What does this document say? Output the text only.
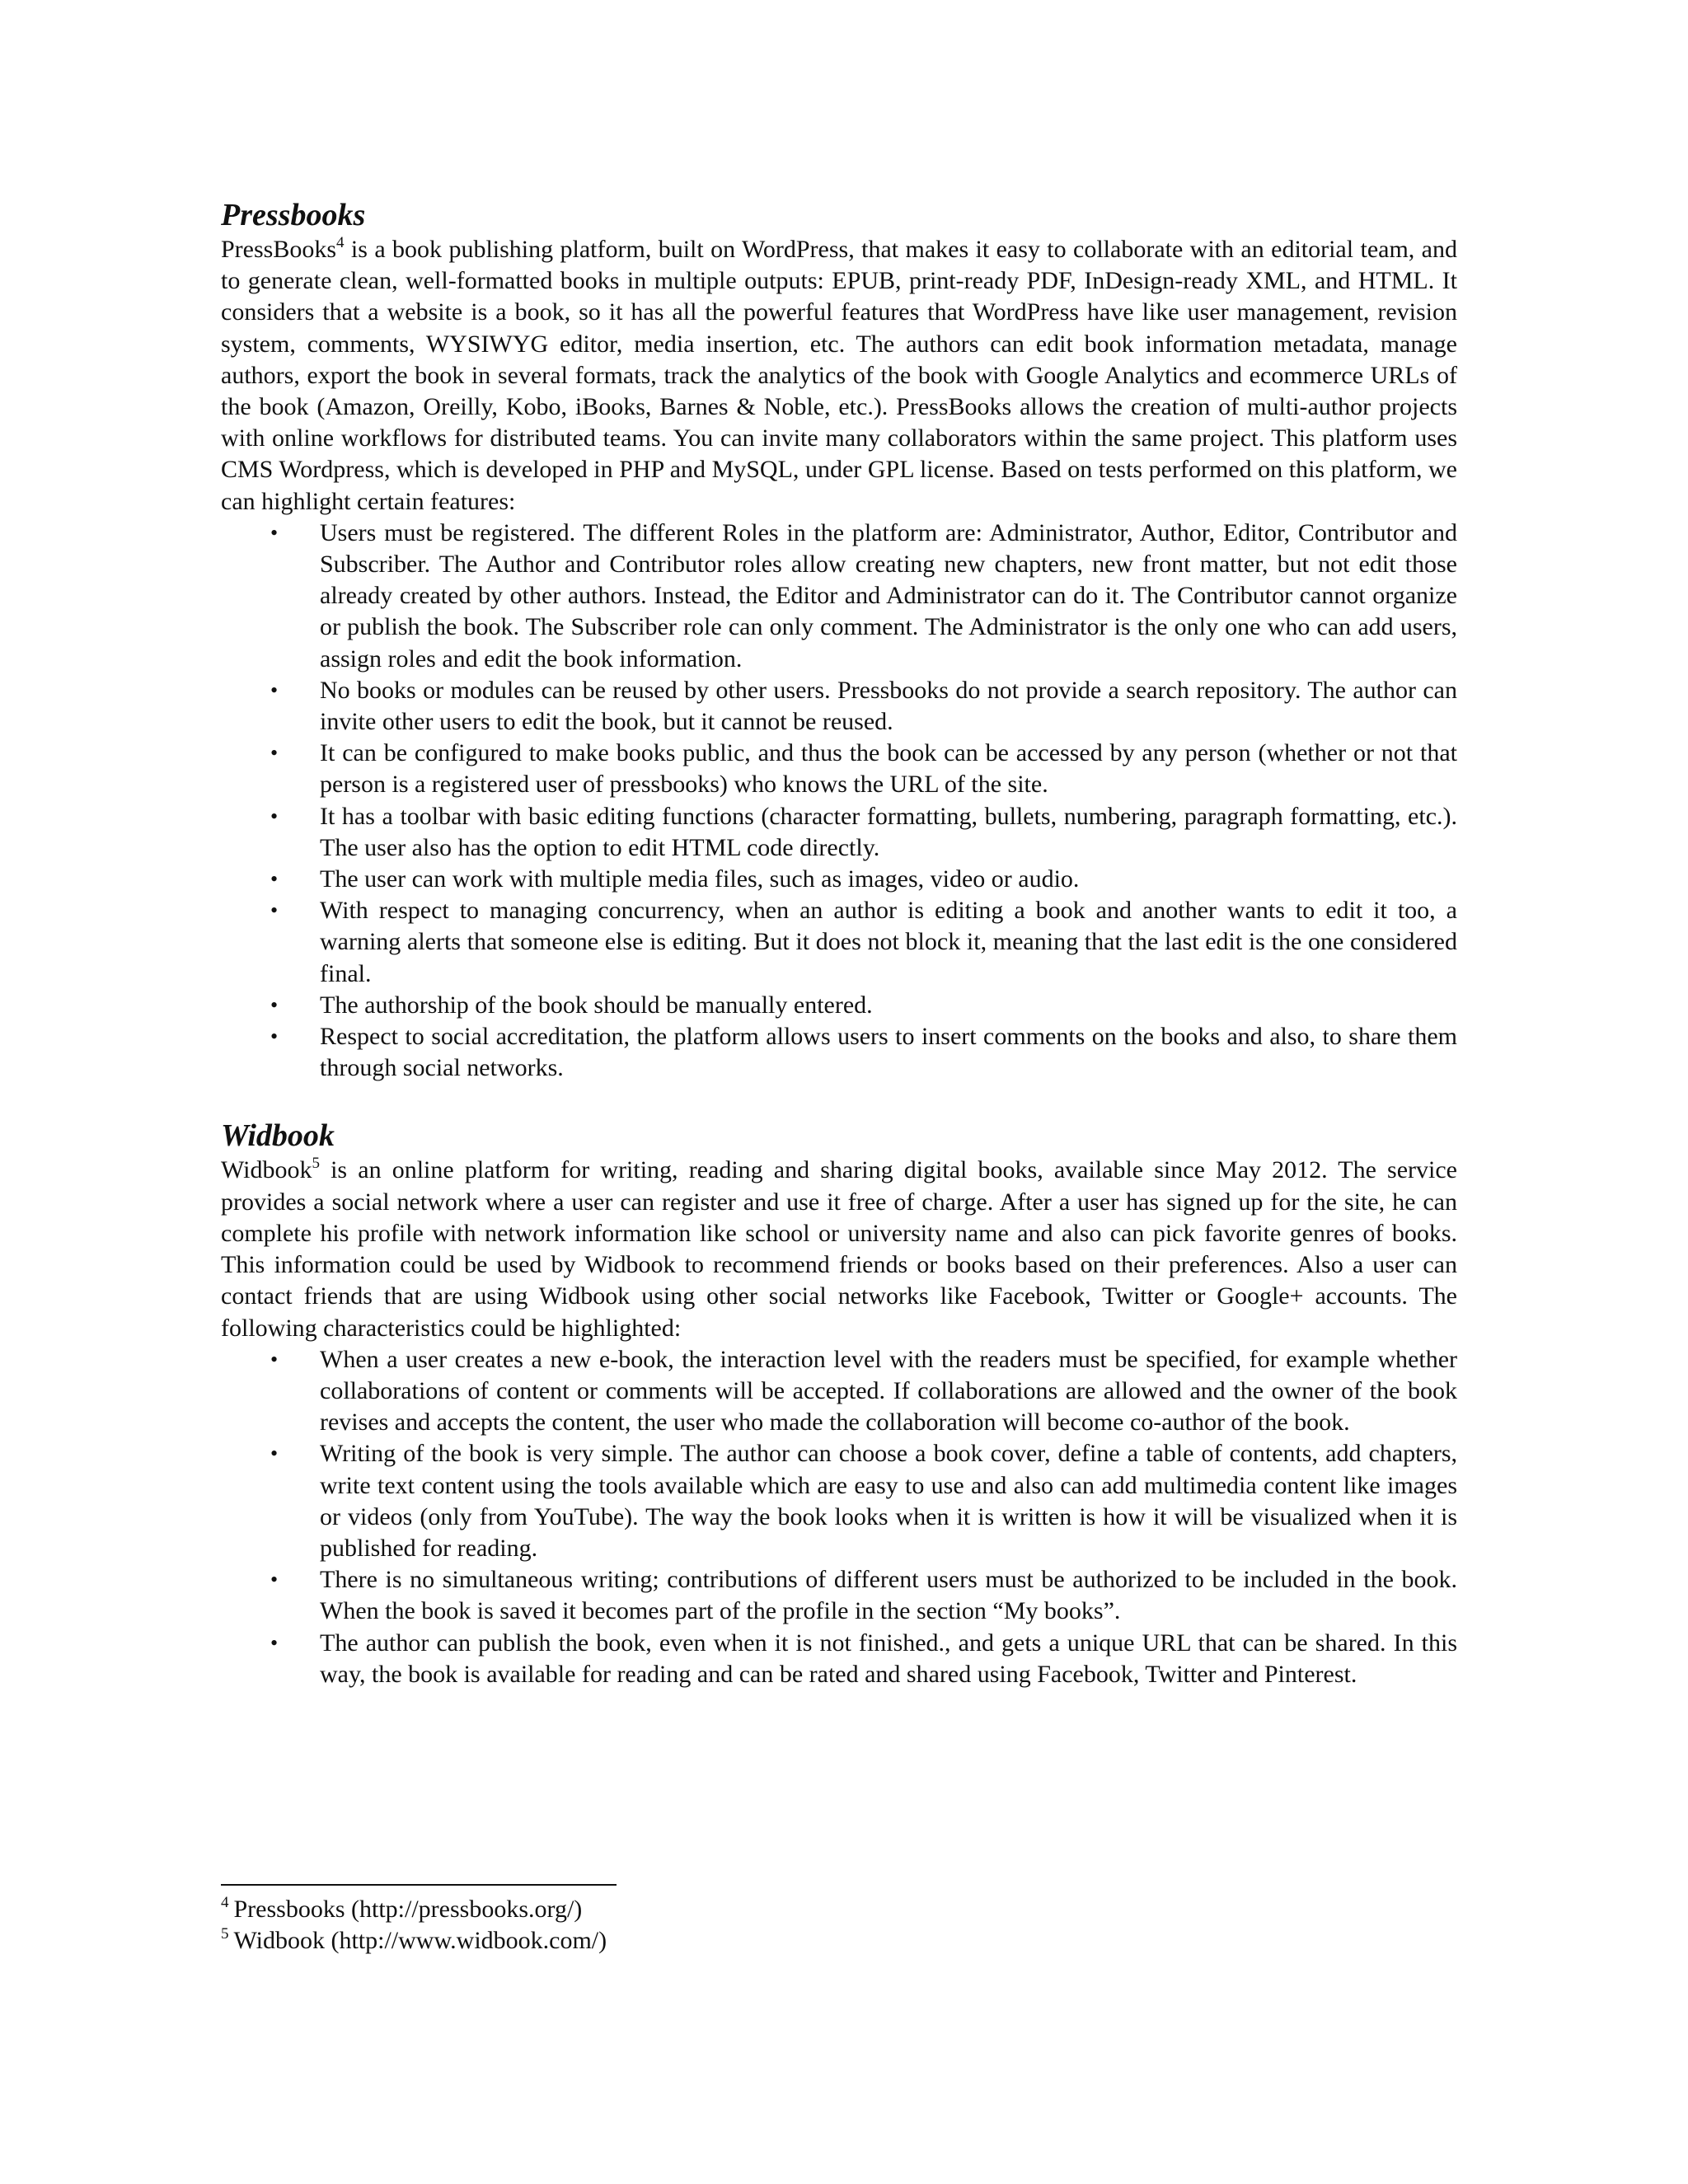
Pressbooks

PressBooks$^4$ is a book publishing platform, built on WordPress, that makes it easy to collaborate with an editorial team, and to generate clean, well-formatted books in multiple outputs: EPUB, print-ready PDF, InDesign-ready XML, and HTML. It considers that a website is a book, so it has all the powerful features that WordPress have like user management, revision system, comments, WYSIWYG editor, media insertion, etc. The authors can edit book information metadata, manage authors, export the book in several formats, track the analytics of the book with Google Analytics and ecommerce URLs of the book (Amazon, Oreilly, Kobo, iBooks, Barnes & Noble, etc.). PressBooks allows the creation of multi-author projects with online workflows for distributed teams. You can invite many collaborators within the same project. This platform uses CMS Wordpress, which is developed in PHP and MySQL, under GPL license. Based on tests performed on this platform, we can highlight certain features:

• Users must be registered. The different Roles in the platform are: Administrator, Author, Editor, Contributor and Subscriber. The Author and Contributor roles allow creating new chapters, new front matter, but not edit those already created by other authors. Instead, the Editor and Administrator can do it. The Contributor cannot organize or publish the book. The Subscriber role can only comment. The Administrator is the only one who can add users, assign roles and edit the book information.
• No books or modules can be reused by other users. Pressbooks do not provide a search repository. The author can invite other users to edit the book, but it cannot be reused.
• It can be configured to make books public, and thus the book can be accessed by any person (whether or not that person is a registered user of pressbooks) who knows the URL of the site.
• It has a toolbar with basic editing functions (character formatting, bullets, numbering, paragraph formatting, etc.). The user also has the option to edit HTML code directly.
• The user can work with multiple media files, such as images, video or audio.
• With respect to managing concurrency, when an author is editing a book and another wants to edit it too, a warning alerts that someone else is editing. But it does not block it, meaning that the last edit is the one considered final.
• The authorship of the book should be manually entered.
• Respect to social accreditation, the platform allows users to insert comments on the books and also, to share them through social networks.
Widbook

Widbook$^5$ is an online platform for writing, reading and sharing digital books, available since May 2012. The service provides a social network where a user can register and use it free of charge. After a user has signed up for the site, he can complete his profile with network information like school or university name and also can pick favorite genres of books. This information could be used by Widbook to recommend friends or books based on their preferences. Also a user can contact friends that are using Widbook using other social networks like Facebook, Twitter or Google+ accounts. The following characteristics could be highlighted:

• When a user creates a new e-book, the interaction level with the readers must be specified, for example whether collaborations of content or comments will be accepted. If collaborations are allowed and the owner of the book revises and accepts the content, the user who made the collaboration will become co-author of the book.
• Writing of the book is very simple. The author can choose a book cover, define a table of contents, add chapters, write text content using the tools available which are easy to use and also can add multimedia content like images or videos (only from YouTube). The way the book looks when it is written is how it will be visualized when it is published for reading.
• There is no simultaneous writing; contributions of different users must be authorized to be included in the book. When the book is saved it becomes part of the profile in the section “My books”.
• The author can publish the book, even when it is not finished., and gets a unique URL that can be shared. In this way, the book is available for reading and can be rated and shared using Facebook, Twitter and Pinterest.

$^4$ Pressbooks (http://pressbooks.org/)

$^5$ Widbook (http://www.widbook.com/)
